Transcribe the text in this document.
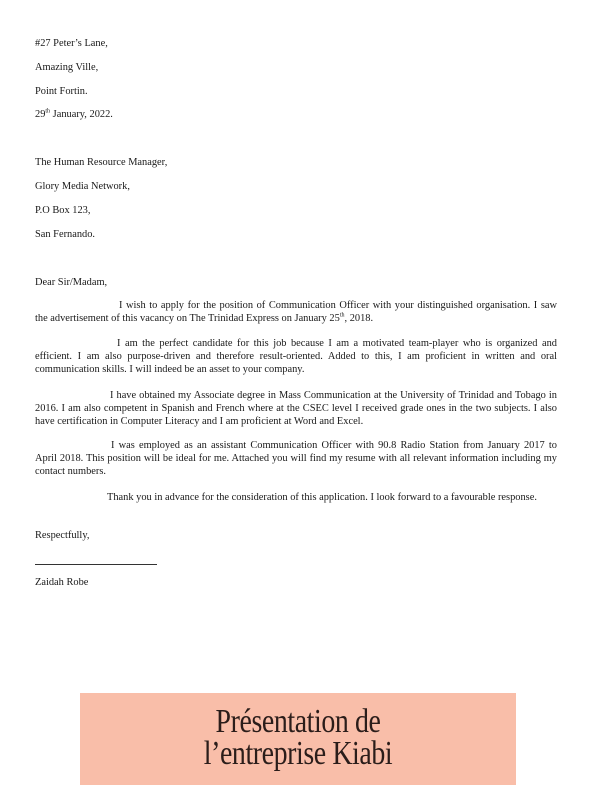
#27 Peter’s Lane,
Amazing Ville,
Point Fortin.
29th January, 2022.
The Human Resource Manager,
Glory Media Network,
P.O Box 123,
San Fernando.
Dear Sir/Madam,
I wish to apply for the position of Communication Officer with your distinguished organisation. I saw the advertisement of this vacancy on The Trinidad Express on January 25th, 2018.
I am the perfect candidate for this job because I am a motivated team-player who is organized and efficient. I am also purpose-driven and therefore result-oriented. Added to this, I am proficient in written and oral communication skills. I will indeed be an asset to your company.
I have obtained my Associate degree in Mass Communication at the University of Trinidad and Tobago in 2016. I am also competent in Spanish and French where at the CSEC level I received grade ones in the two subjects. I also have certification in Computer Literacy and I am proficient at Word and Excel.
I was employed as an assistant Communication Officer with 90.8 Radio Station from January 2017 to April 2018. This position will be ideal for me. Attached you will find my resume with all relevant information including my contact numbers.
Thank you in advance for the consideration of this application. I look forward to a favourable response.
Respectfully,
Zaidah Robe
Présentation de
l’entreprise Kiabi
